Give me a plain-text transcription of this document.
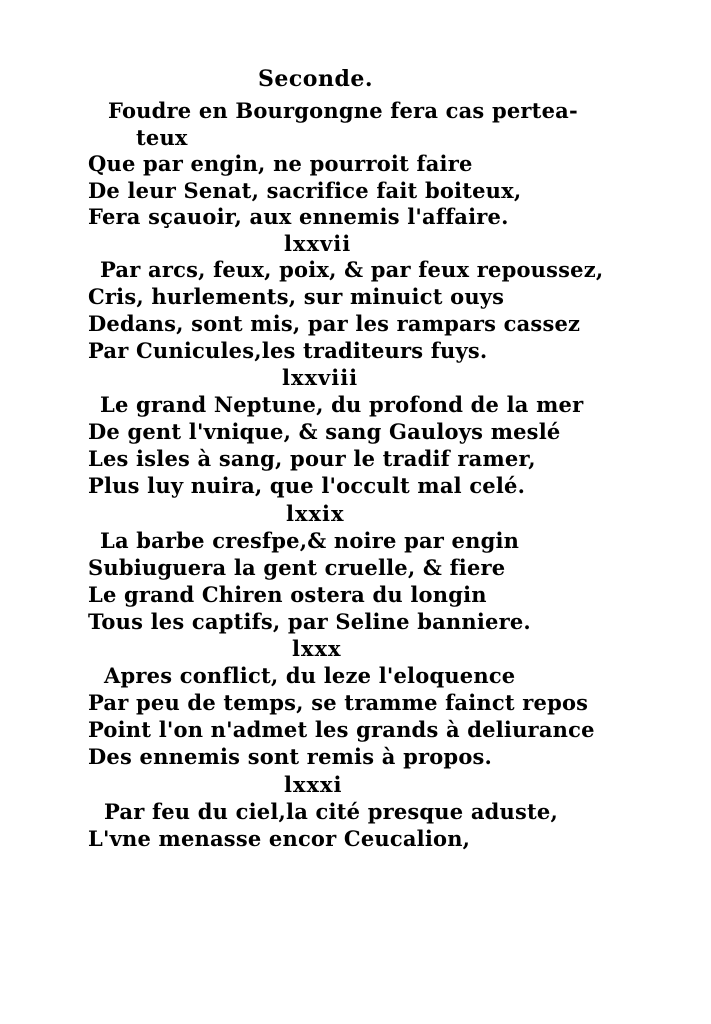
Seconde.
Foudre en Bourgongne fera cas pertea-
teux
Que par engin, ne pourroit faire
De leur Senat, sacrifice fait boiteux,
Fera sçauoir, aux ennemis l'affaire.
lxxvii
Par arcs, feux, poix, & par feux repoussez,
Cris, hurlements, sur minuict ouys
Dedans, sont mis, par les rampars cassez
Par Cunicules,les traditeurs fuys.
lxxviii
Le grand Neptune, du profond de la mer
De gent l'vnique, & sang Gauloys meslé
Les isles à sang, pour le tradif ramer,
Plus luy nuira, que l'occult mal celé.
lxxix
La barbe cresfpe,& noire par engin
Subiuguera la gent cruelle, & fiere
Le grand Chiren ostera du longin
Tous les captifs, par Seline banniere.
lxxx
Apres conflict, du leze l'eloquence
Par peu de temps, se tramme fainct repos
Point l'on n'admet les grands à deliurance
Des ennemis sont remis à propos.
lxxxi
Par feu du ciel,la cité presque aduste,
L'vne menasse encor Ceucalion,
